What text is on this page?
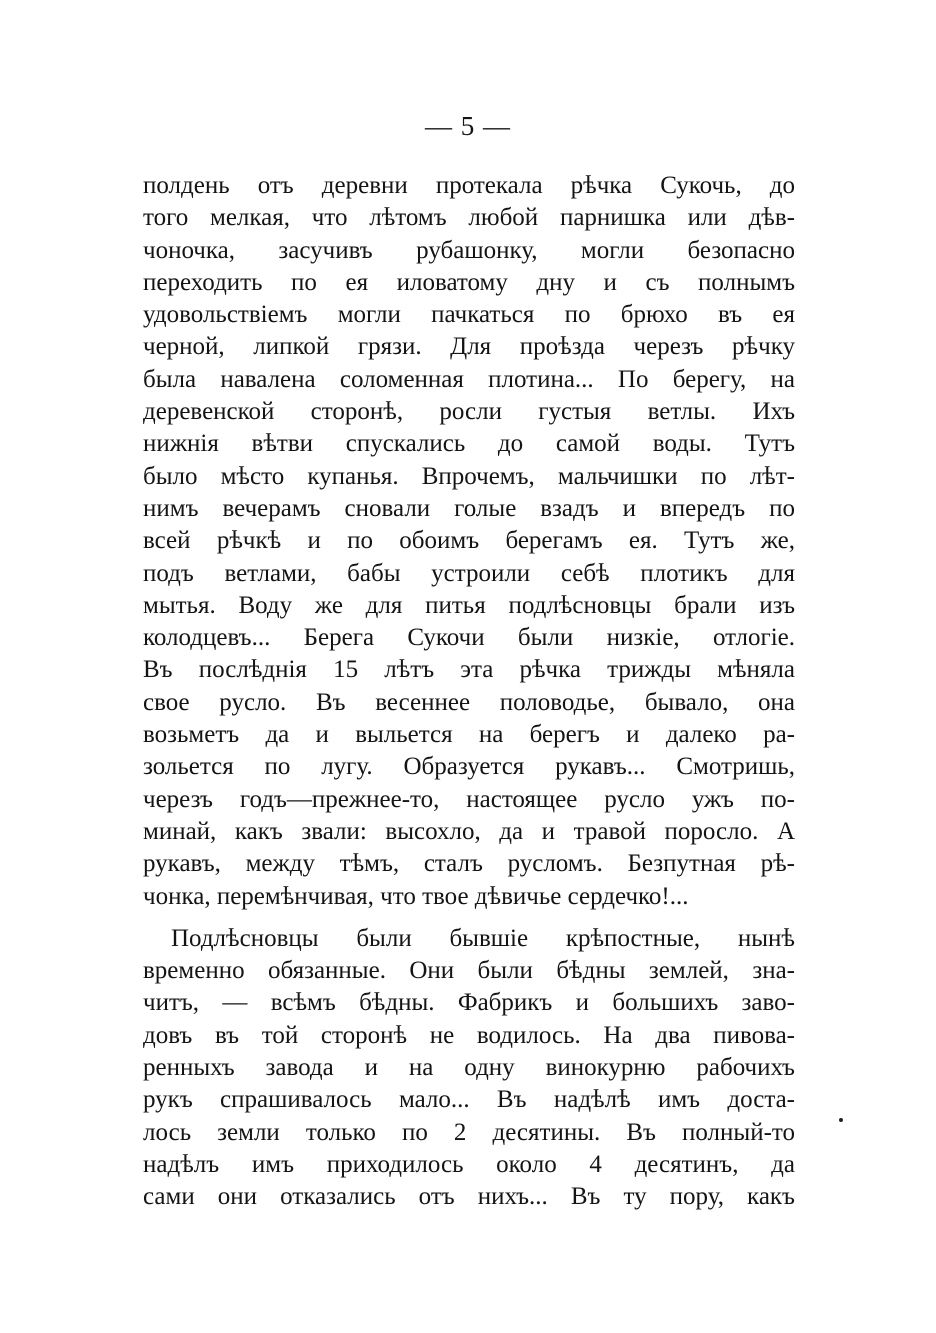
— 5 —
полдень отъ деревни протекала рѣчка Сукочь, до
того мелкая, что лѣтомъ любой парнишка или дѣв-
чоночка, засучивъ рубашонку, могли безопасно
переходить по ея иловатому дну и съ полнымъ
удовольствіемъ могли пачкаться по брюхо въ ея
черной, липкой грязи. Для проѣзда черезъ рѣчку
была навалена соломенная плотина... По берегу, на
деревенской сторонѣ, росли густыя ветлы. Ихъ
нижнія вѣтви спускались до самой воды. Тутъ
было мѣсто купанья. Впрочемъ, мальчишки по лѣт-
нимъ вечерамъ сновали голые взадъ и впередъ по
всей рѣчкѣ и по обоимъ берегамъ ея. Тутъ же,
подъ ветлами, бабы устроили себѣ плотикъ для
мытья. Воду же для питья подлѣсновцы брали изъ
колодцевъ... Берега Сукочи были низкіе, отлогіе.
Въ послѣднія 15 лѣтъ эта рѣчка трижды мѣняла
свое русло. Въ весеннее половодье, бывало, она
возьметъ да и выльется на берегъ и далеко ра-
зольется по лугу. Образуется рукавъ... Смотришь,
черезъ годъ—прежнее-то, настоящее русло ужъ по-
минай, какъ звали: высохло, да и травой поросло. А
рукавъ, между тѣмъ, сталъ русломъ. Безпутная рѣ-
чонка, перемѣнчивая, что твое дѣвичье сердечко!...
Подлѣсновцы были бывшіе крѣпостные, нынѣ
временно обязанные. Они были бѣдны землей, зна-
читъ, — всѣмъ бѣдны. Фабрикъ и большихъ заво-
довъ въ той сторонѣ не водилось. На два пивова-
ренныхъ завода и на одну винокурню рабочихъ
рукъ спрашивалось мало... Въ надѣлѣ имъ доста-
лось земли только по 2 десятины. Въ полный-то
надѣлъ имъ приходилось около 4 десятинъ, да
сами они отказались отъ нихъ... Въ ту пору, какъ
